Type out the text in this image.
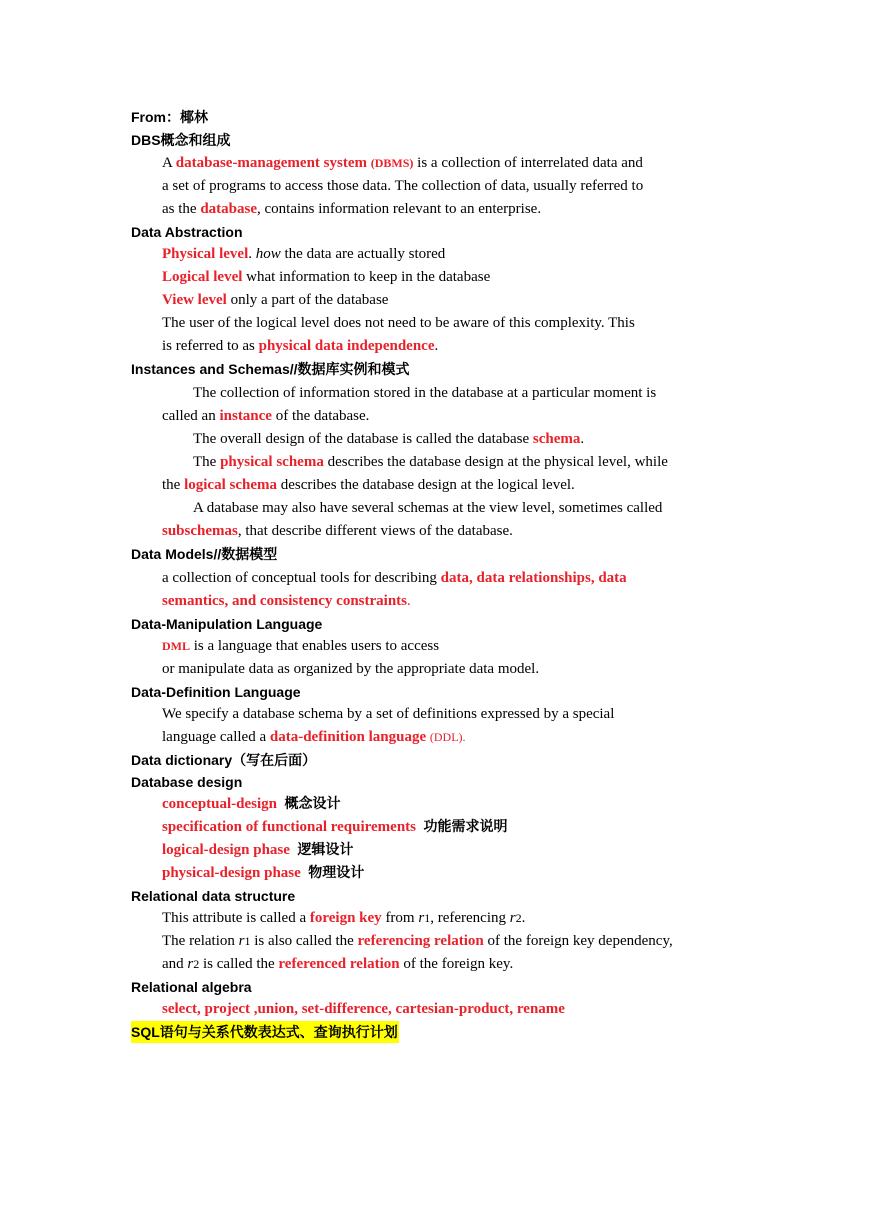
From：椰林
DBS概念和组成
A database-management system (DBMS) is a collection of interrelated data and
a set of programs to access those data. The collection of data, usually referred to
as the database, contains information relevant to an enterprise.
Data Abstraction
Physical level. how the data are actually stored
Logical level what information to keep in the database
View level only a part of the database
The user of the logical level does not need to be aware of this complexity. This
is referred to as physical data independence.
Instances and Schemas//数据库实例和模式
The collection of information stored in the database at a particular moment is
called an instance of the database.
The overall design of the database is called the database schema.
The physical schema describes the database design at the physical level, while
the logical schema describes the database design at the logical level.
A database may also have several schemas at the view level, sometimes called
subschemas, that describe different views of the database.
Data Models//数据模型
a collection of conceptual tools for describing data, data relationships, data
semantics, and consistency constraints.
Data-Manipulation Language
DML is a language that enables users to access
or manipulate data as organized by the appropriate data model.
Data-Definition Language
We specify a database schema by a set of definitions expressed by a special
language called a data-definition language (DDL).
Data dictionary（写在后面）
Database design
conceptual-design 概念设计
specification of functional requirements 功能需求说明
logical-design phase 逻辑设计
physical-design phase 物理设计
Relational data structure
This attribute is called a foreign key from r1, referencing r2.
The relation r1 is also called the referencing relation of the foreign key dependency,
and r2 is called the referenced relation of the foreign key.
Relational algebra
select, project ,union, set-difference, cartesian-product, rename
SQL语句与关系代数表达式、查询执行计划
